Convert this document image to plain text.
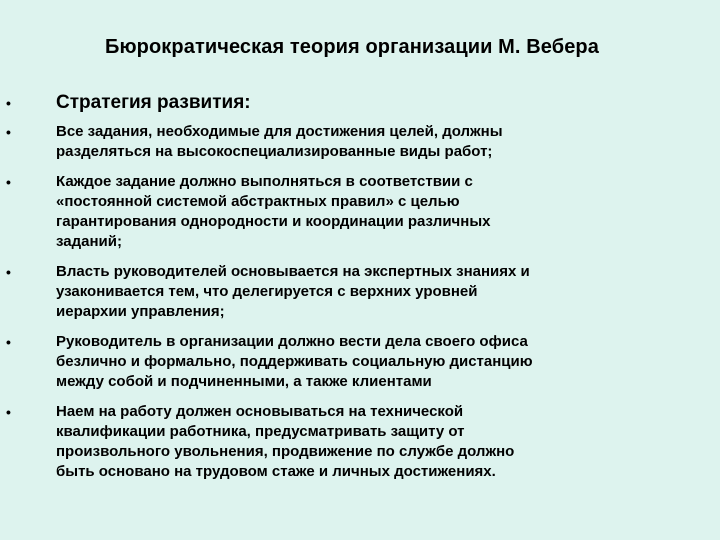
Бюрократическая теория организации М. Вебера
•	Стратегия развития:
•	Все задания, необходимые для достижения целей, должны
разделяться на высокоспециализированные виды работ;
•	Каждое задание должно выполняться в соответствии с
«постоянной системой абстрактных правил» с целью
гарантирования однородности и координации различных
заданий;
•	Власть руководителей основывается на экспертных знаниях и
узаконивается тем, что делегируется с верхних уровней
иерархии управления;
•	Руководитель в организации должно вести дела своего офиса
безлично и формально, поддерживать социальную дистанцию
между собой и подчиненными, а также клиентами
•	Наем на работу должен основываться на технической
квалификации работника, предусматривать защиту от
произвольного увольнения, продвижение по службе должно
быть основано на трудовом стаже и личных достижениях.
